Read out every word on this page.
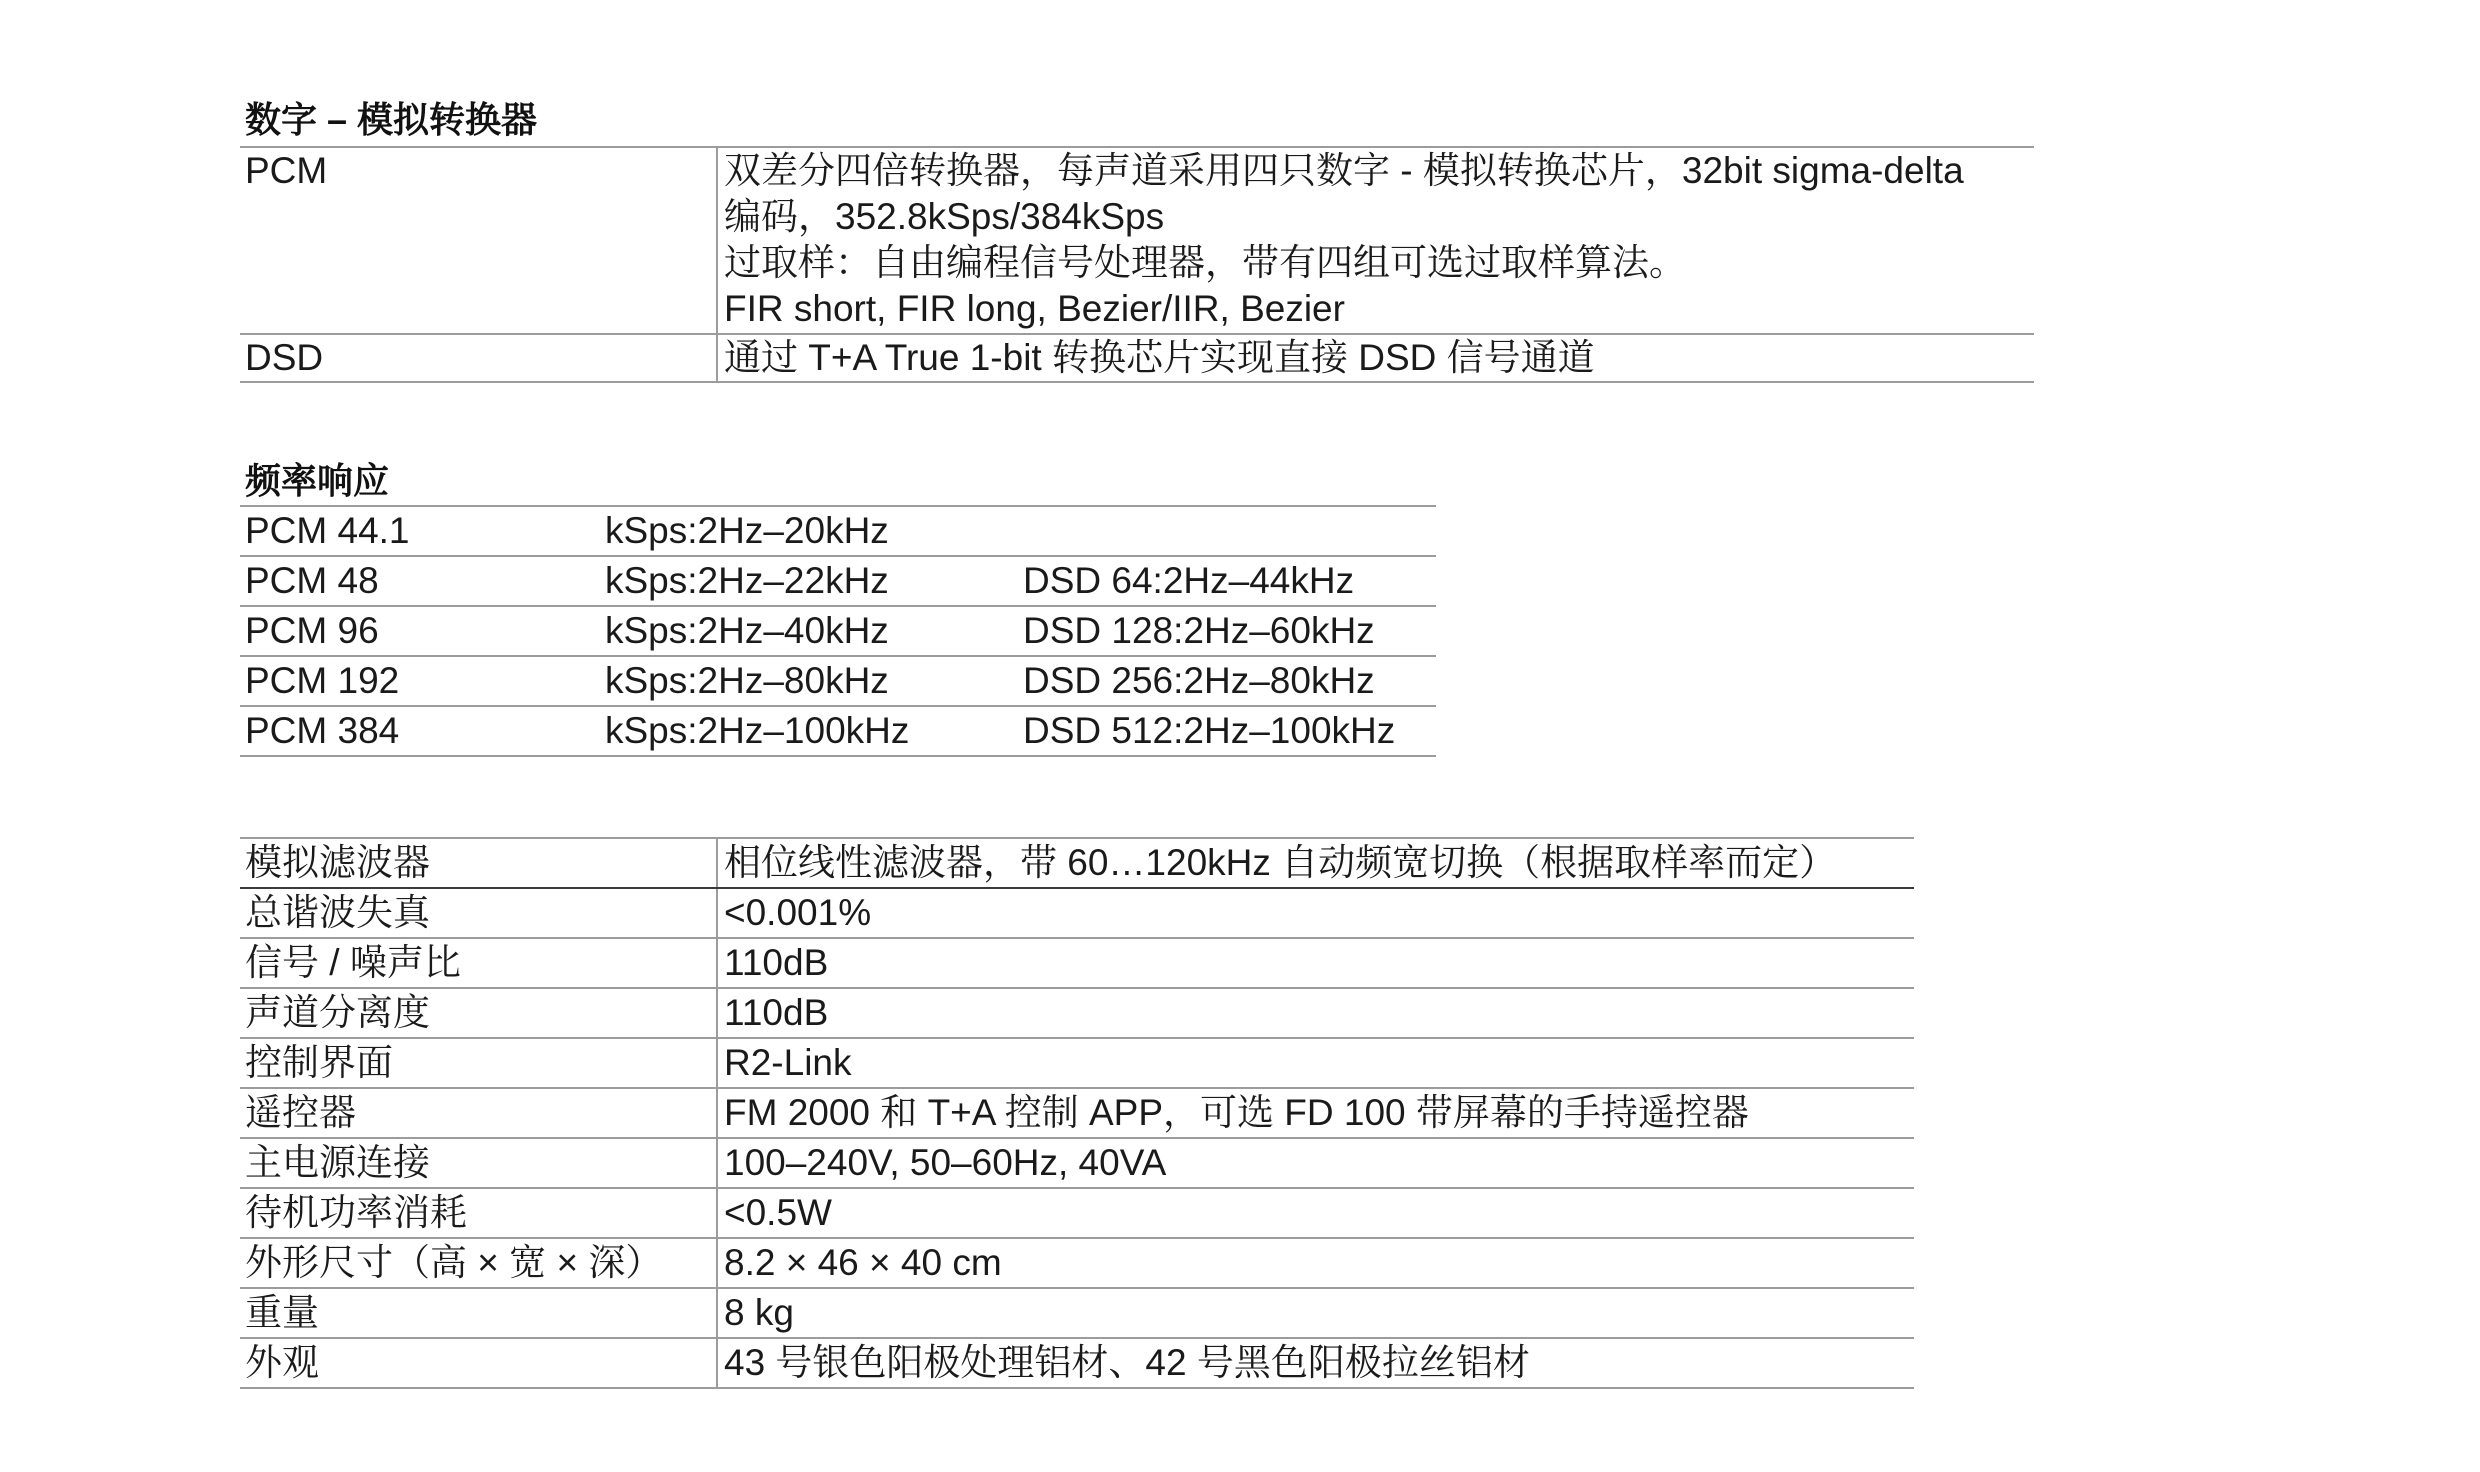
数字 – 模拟转换器
PCM	双差分四倍转换器，每声道采用四只数字 - 模拟转换芯片，32bit sigma-delta
编码，352.8kSps/384kSps
过取样：自由编程信号处理器，带有四组可选过取样算法。
FIR short, FIR long, Bezier/IIR, Bezier
DSD	通过 T+A True 1-bit 转换芯片实现直接 DSD 信号通道
频率响应
PCM 44.1	kSps:2Hz–20kHz
PCM 48	kSps:2Hz–22kHz	DSD 64:2Hz–44kHz
PCM 96	kSps:2Hz–40kHz	DSD 128:2Hz–60kHz
PCM 192	kSps:2Hz–80kHz	DSD 256:2Hz–80kHz
PCM 384	kSps:2Hz–100kHz	DSD 512:2Hz–100kHz
模拟滤波器	相位线性滤波器，带 60…120kHz 自动频宽切换（根据取样率而定）
总谐波失真	<0.001%
信号 / 噪声比	110dB
声道分离度	110dB
控制界面	R2-Link
遥控器	FM 2000 和 T+A 控制 APP，可选 FD 100 带屏幕的手持遥控器
主电源连接	100–240V, 50–60Hz, 40VA
待机功率消耗	<0.5W
外形尺寸（高 × 宽 × 深）	8.2 × 46 × 40 cm
重量	8 kg
外观	43 号银色阳极处理铝材、42 号黑色阳极拉丝铝材
